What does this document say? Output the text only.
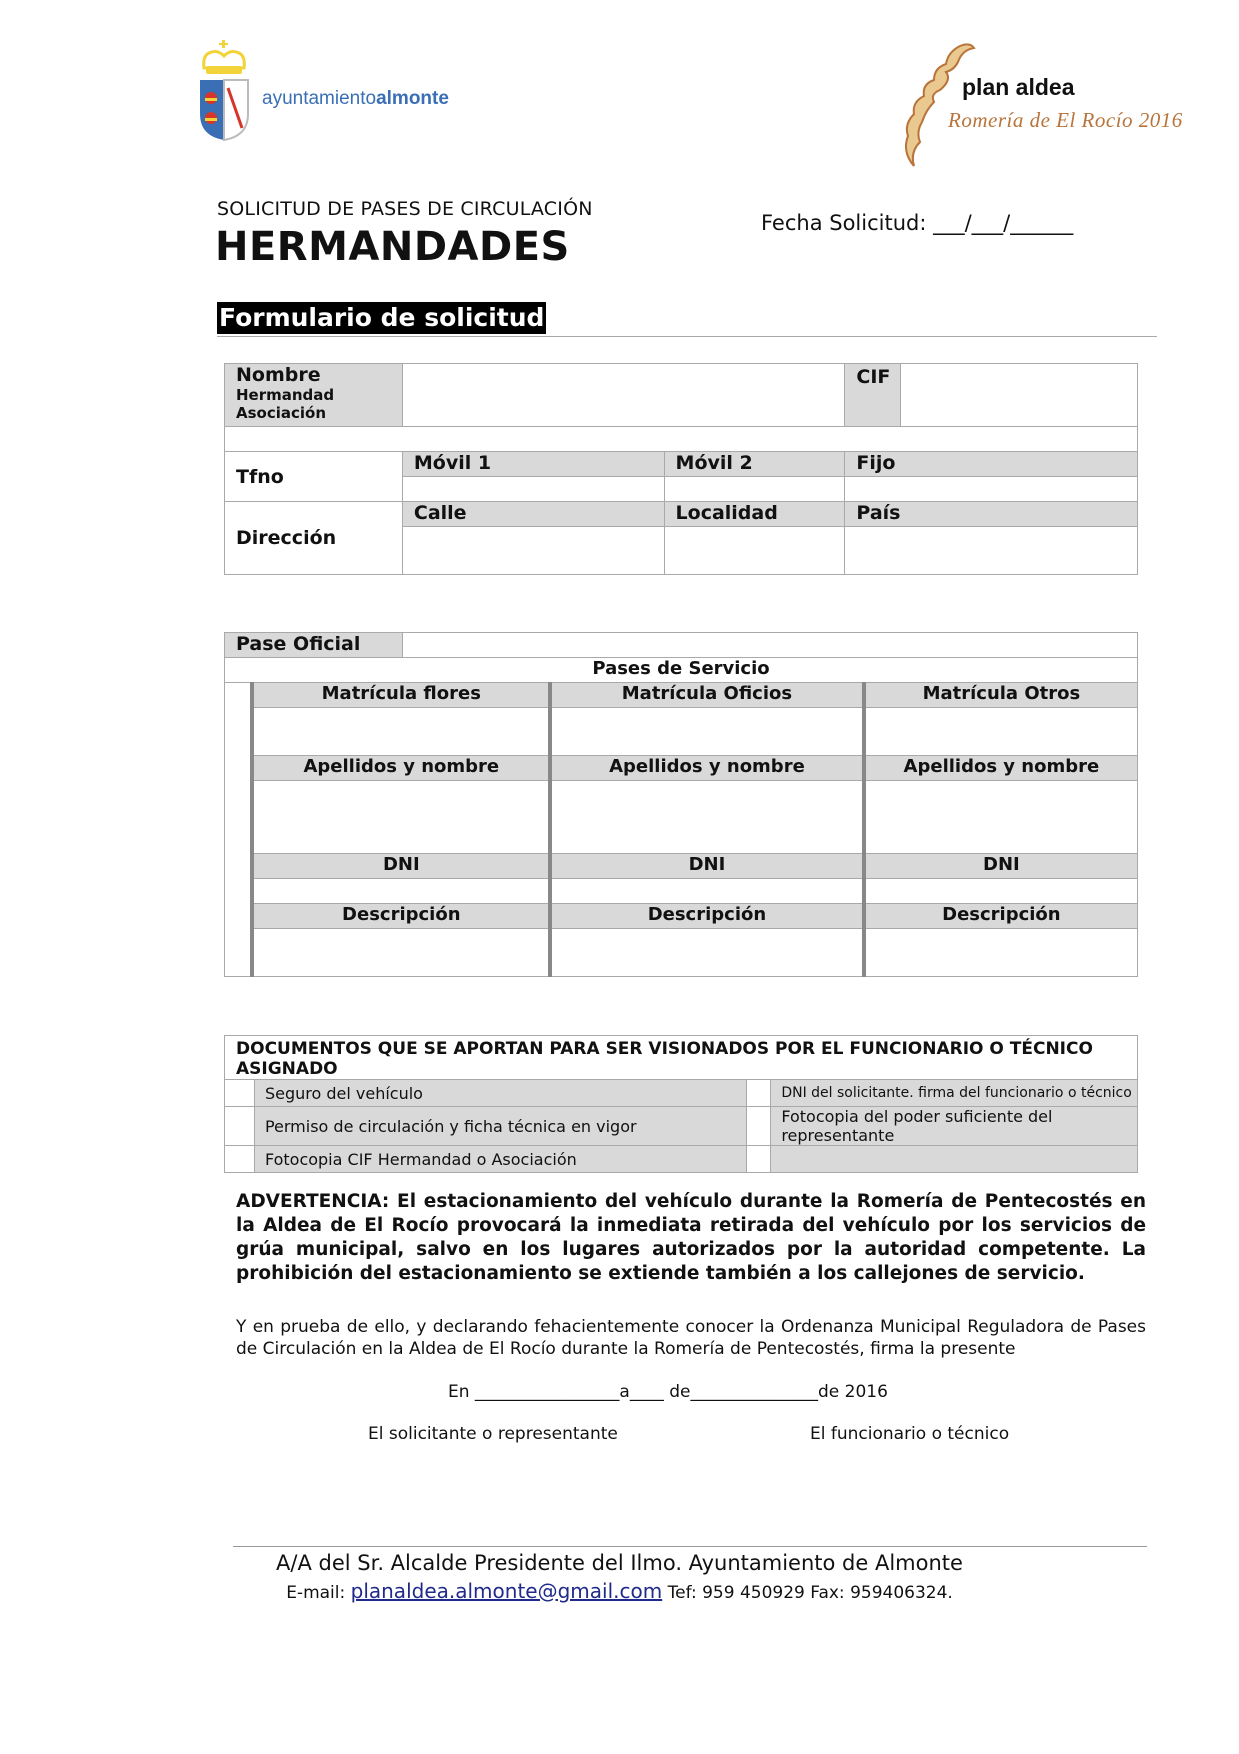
ayuntamientoalmonte	plan aldea
Romería de El Rocío 2016
SOLICITUD DE PASES DE CIRCULACIÓN
HERMANDADES
Fecha Solicitud: ___/___/______
Formulario de solicitud
Nombre
Hermandad
Asociación			CIF	

Tfno	Móvil 1	Móvil 2	Fijo	

Dirección	Calle	Localidad	País	

Pase Oficial				
Pases de Servicio				
	Matrícula flores		Matrícula Oficios	Matrícula Otros

	Apellidos y nombre		Apellidos y nombre	Apellidos y nombre

	DNI		DNI	DNI

	Descripción		Descripción	Descripción

DOCUMENTOS QUE SE APORTAN PARA SER VISIONADOS POR EL FUNCIONARIO O TÉCNICO ASIGNADO			
	Seguro del vehículo		DNI del solicitante. firma del funcionario o técnico
	Permiso de circulación y ficha técnica en vigor		Fotocopia del poder suficiente del representante
	Fotocopia CIF Hermandad o Asociación		
ADVERTENCIA: El estacionamiento del vehículo durante la Romería de Pentecostés en la Aldea de El Rocío provocará la inmediata retirada del vehículo por los servicios de grúa municipal, salvo en los lugares autorizados por la autoridad competente. La prohibición del estacionamiento se extiende también a los callejones de servicio.
Y en prueba de ello, y declarando fehacientemente conocer la Ordenanza Municipal Reguladora de Pases de Circulación en la Aldea de El Rocío durante la Romería de Pentecostés, firma la presente
En _________________a____ de_______________de 2016
El solicitante o representante	El funcionario o técnico
A/A del Sr. Alcalde Presidente del Ilmo. Ayuntamiento de Almonte
E-mail: planaldea.almonte@gmail.com Tef: 959 450929 Fax: 959406324.
